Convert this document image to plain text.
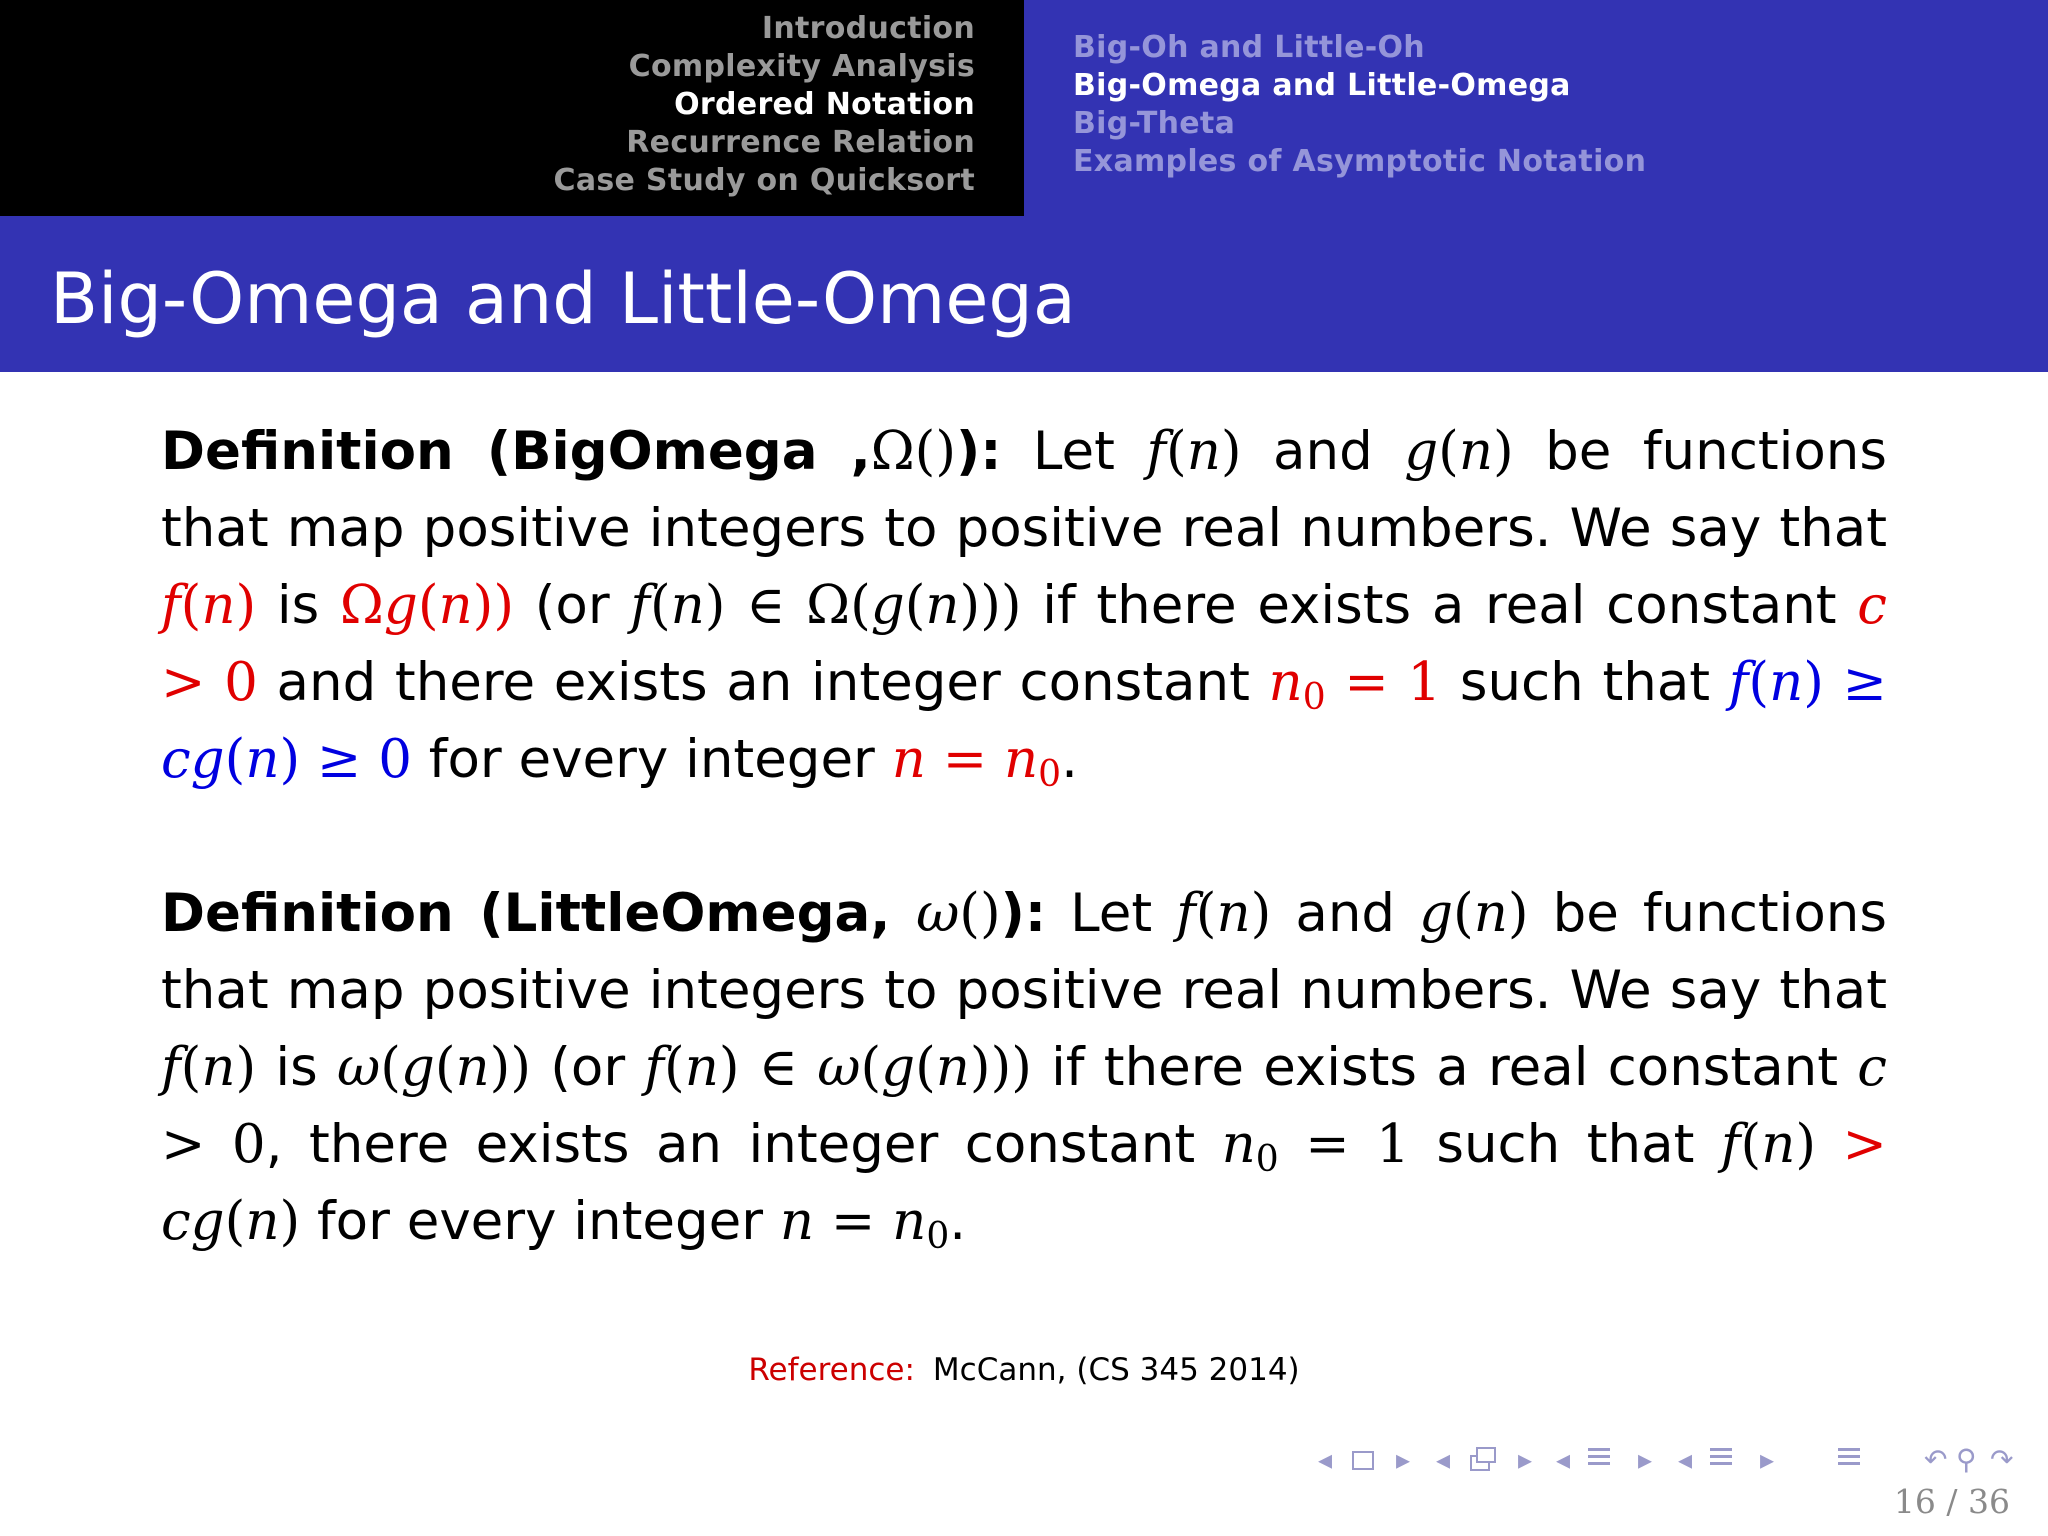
Introduction
Complexity Analysis
Ordered Notation
Recurrence Relation
Case Study on Quicksort
Big-Oh and Little-Oh
Big-Omega and Little-Omega
Big-Theta
Examples of Asymptotic Notation
Big-Omega and Little-Omega
Definition (BigOmega ,Ω()): Let f(n) and g(n) be functions that map positive integers to positive real numbers. We say that f(n) is Ωg(n)) (or f(n) ∈ Ω(g(n))) if there exists a real constant c > 0 and there exists an integer constant $n_0 = 1$ such that f(n) ≥ cg(n) ≥ 0 for every integer $n = n_0$.
Definition (LittleOmega, ω()): Let f(n) and g(n) be functions that map positive integers to positive real numbers. We say that f(n) is ω(g(n)) (or f(n) ∈ ω(g(n))) if there exists a real constant c > 0, there exists an integer constant $n_0 = 1$ such that f(n) > cg(n) for every integer $n = n_0$.
Reference: McCann, (CS 345 2014)
◂ ▸ ◂ ▸ ◂ ▸ ◂ ▸	↶ ⚲ ↷
16 / 36
